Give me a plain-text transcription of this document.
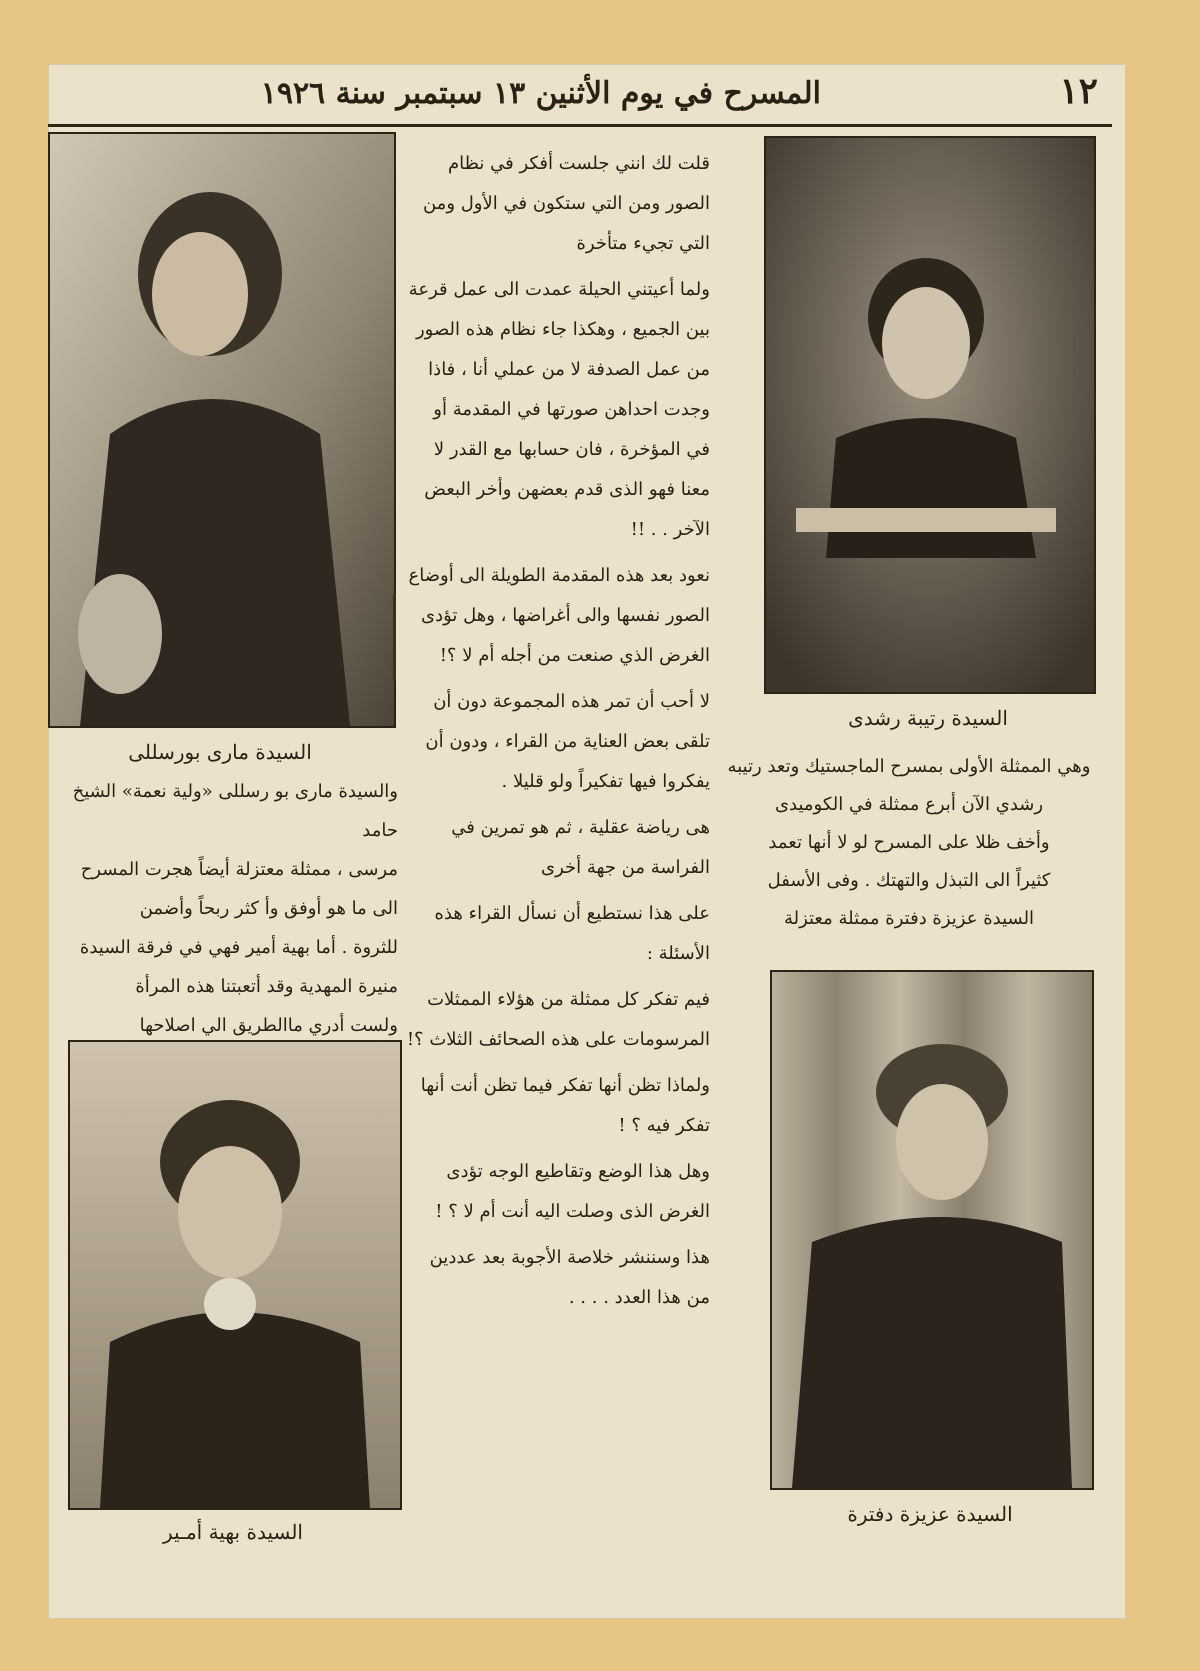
١٢
المسرح في يوم الأثنين ١٣ سبتمبر سنة ١٩٢٦
السيدة مارى بورسللى
والسيدة مارى بو رسللى «ولية نعمة» الشيخ حامد
مرسى ، ممثلة معتزلة أيضاً هجرت المسرح
الى ما هو أوفق وأ كثر ربحاً وأضمن
للثروة . أما بهية أمير فهي في فرقة السيدة
منيرة المهدية وقد أتعبتنا هذه المرأة
ولست أدري ماالطريق الي اصلاحها
السيدة بهية أمـير

قلت لك انني جلست أفكر في نظام الصور ومن التي ستكون في الأول ومن التي تجيء متأخرة

ولما أعيتني الحيلة عمدت الى عمل قرعة بين الجميع ، وهكذا جاء نظام هذه الصور من عمل الصدفة لا من عملي أنا ، فاذا وجدت احداهن صورتها في المقدمة أو في المؤخرة ، فان حسابها مع القدر لا معنا فهو الذى قدم بعضهن وأخر البعض الآخر . . !!

نعود بعد هذه المقدمة الطويلة الى أوضاع الصور نفسها والى أغراضها ، وهل تؤدى الغرض الذي صنعت من أجله أم لا ؟!

لا أحب أن تمر هذه المجموعة دون أن تلقى بعض العناية من القراء ، ودون أن يفكروا فيها تفكيراً ولو قليلا .

هى رياضة عقلية ، ثم هو تمرين في الفراسة من جهة أخرى

على هذا نستطيع أن نسأل القراء هذه الأسئلة :

فيم تفكر كل ممثلة من هؤلاء الممثلات المرسومات على هذه الصحائف الثلاث ؟!

ولماذا تظن أنها تفكر فيما تظن أنت أنها تفكر فيه ؟ !

وهل هذا الوضع وتقاطيع الوجه تؤدى الغرض الذى وصلت اليه أنت أم لا ؟ !

هذا وسننشر خلاصة الأجوبة بعد عددين من هذا العدد . . . .

السيدة رتيبة رشدى
وهي الممثلة الأولى بمسرح الماجستيك وتعد رتيبه
رشدي الآن أبرع ممثلة في الكوميدى
وأخف ظلا على المسرح لو لا أنها تعمد
كثيراً الى التبذل والتهتك . وفى الأسفل
السيدة عزيزة دفترة ممثلة معتزلة
السيدة عزيزة دفترة
